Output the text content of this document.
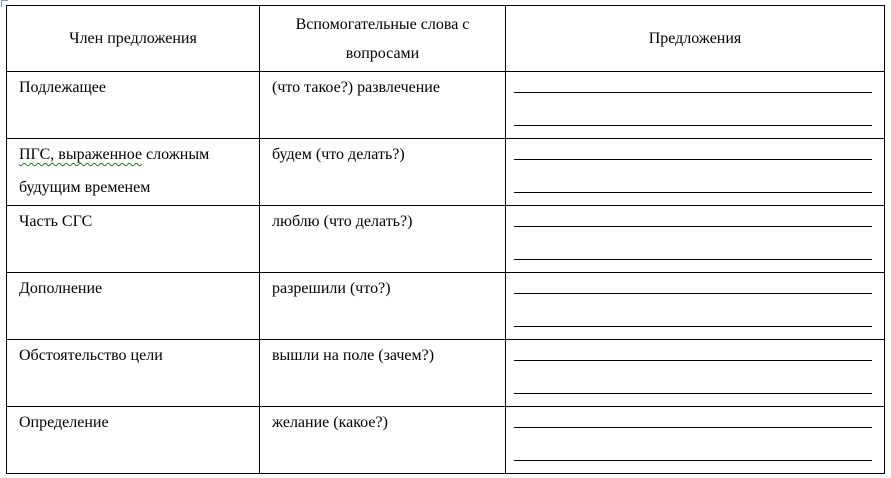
Член предложения	Вспомогательные слова с вопросами	Предложения

Подлежащее	(что такое?) развлечение	

ПГС, выраженное сложным будущим временем	будем (что делать?)	

Часть СГС	люблю (что делать?)	

Дополнение	разрешили (что?)	

Обстоятельство цели	вышли на поле (зачем?)	

Определение	желание (какое?)	
